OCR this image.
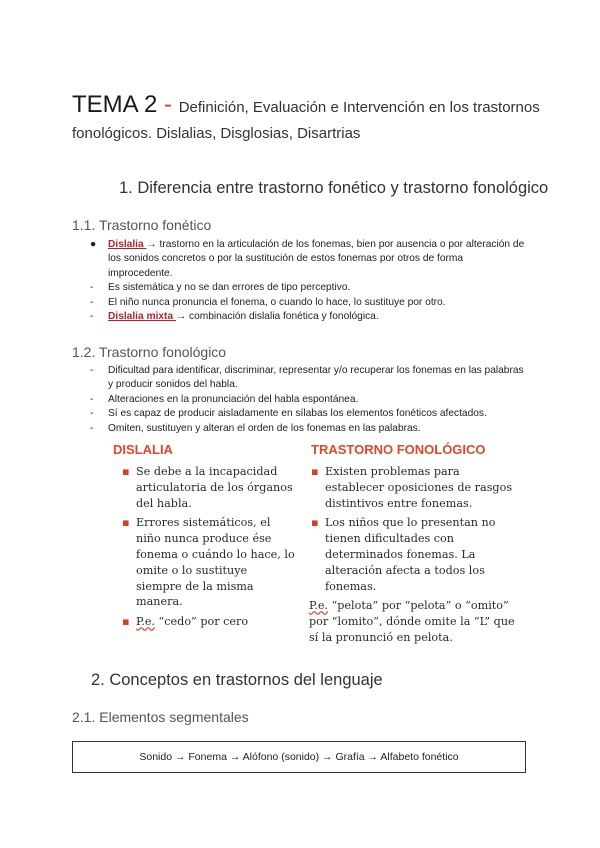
TEMA 2 - Definición, Evaluación e Intervención en los trastornos fonológicos. Dislalias, Disglosias, Disartrias
1. Diferencia entre trastorno fonético y trastorno fonológico
1.1. Trastorno fonético
●	Dislalia → trastorno en la articulación de los fonemas, bien por ausencia o por alteración de los sonidos concretos o por la sustitución de estos fonemas por otros de forma improcedente.
-	Es sistemática y no se dan errores de tipo perceptivo.
-	El niño nunca pronuncia el fonema, o cuando lo hace, lo sustituye por otro.
-	Dislalia mixta → combinación dislalia fonética y fonológica.
1.2. Trastorno fonológico
-	Dificultad para identificar, discriminar, representar y/o recuperar los fonemas en las palabras y producir sonidos del habla.
-	Alteraciones en la pronunciación del habla espontánea.
-	Sí es capaz de producir aisladamente en sílabas los elementos fonéticos afectados.
-	Omiten, sustituyen y alteran el orden de los fonemas en las palabras.
DISLALIA
▪ Se debe a la incapacidad articulatoria de los órganos del habla.
▪ Errores sistemáticos, el niño nunca produce ése fonema o cuándo lo hace, lo omite o lo sustituye siempre de la misma manera.
▪ P.e. “cedo” por cero
TRASTORNO FONOLÓGICO
▪ Existen problemas para establecer oposiciones de rasgos distintivos entre fonemas.
▪ Los niños que lo presentan no tienen dificultades con determinados fonemas. La alteración afecta a todos los fonemas.
P.e. “pelota” por “pelota” o “omito” por “lomito”, dónde omite la “L” que sí la pronunció en pelota.
2. Conceptos en trastornos del lenguaje
2.1. Elementos segmentales
Sonido → Fonema → Alófono (sonido) → Grafía → Alfabeto fonético
